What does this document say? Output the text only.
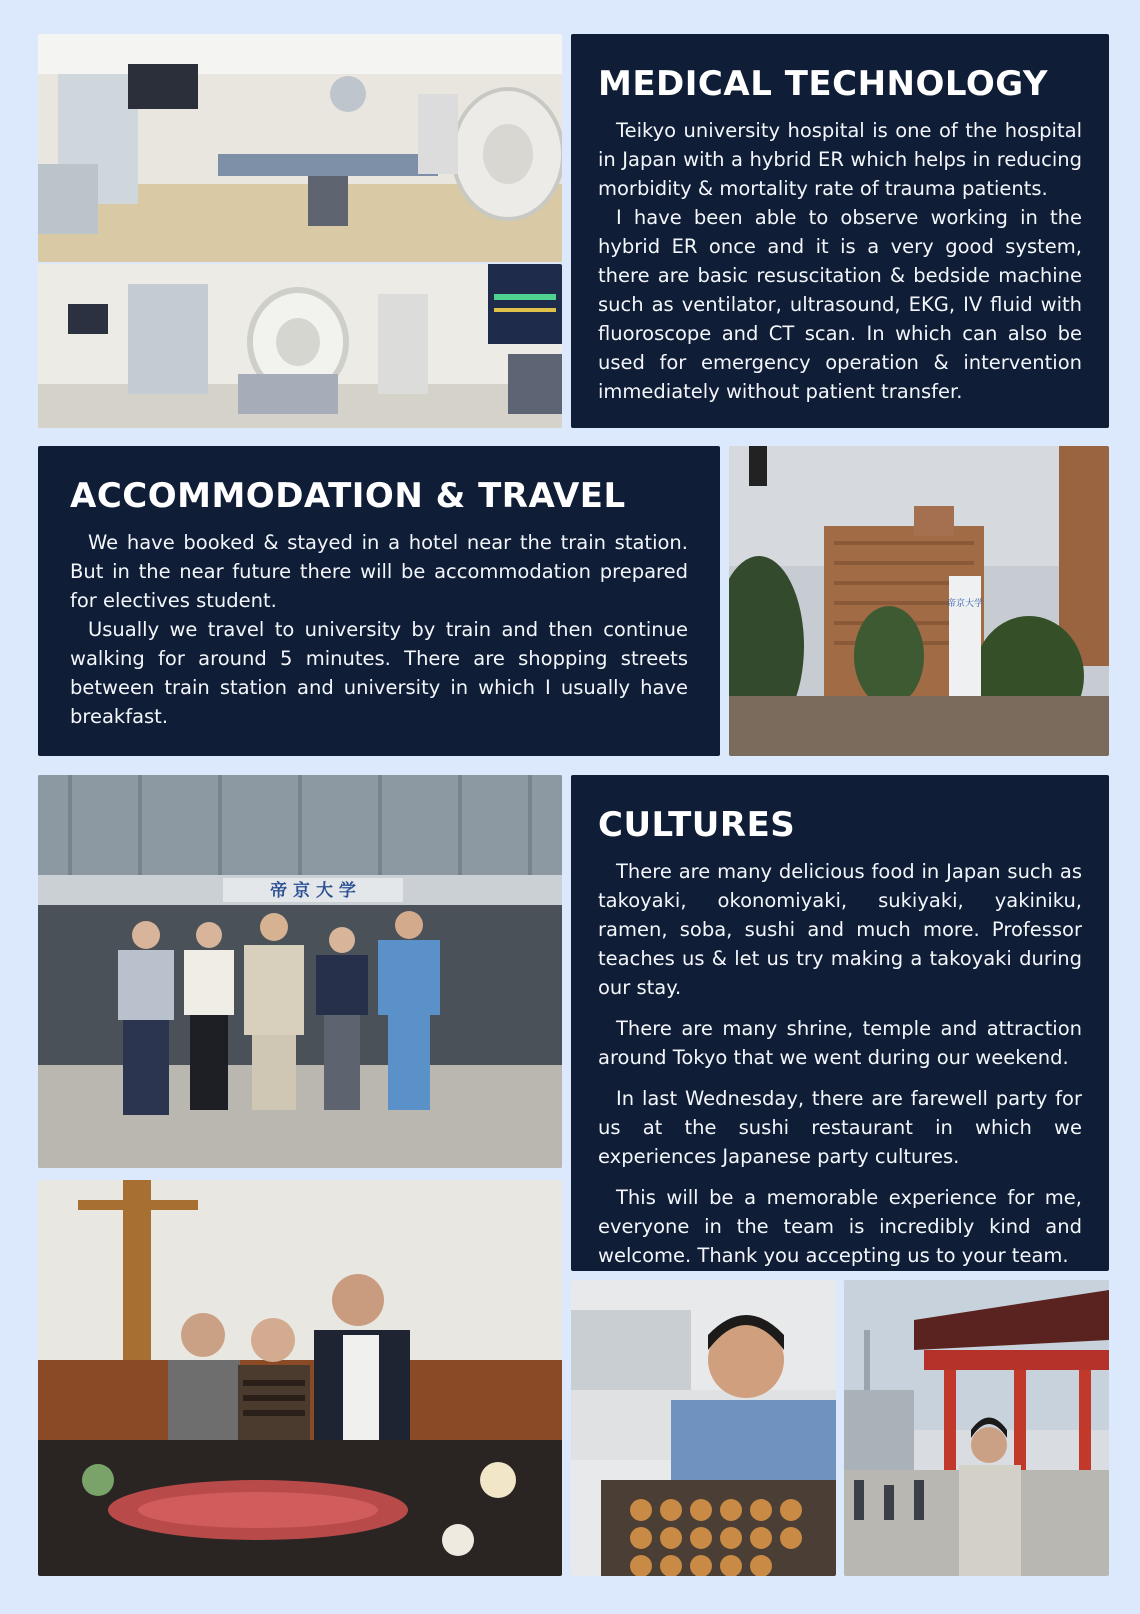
MEDICAL TECHNOLOGY

Teikyo university hospital is one of the hospital in Japan with a hybrid ER which helps in reducing morbidity & mortality rate of trauma patients.

I have been able to observe working in the hybrid ER once and it is a very good system, there are basic resuscitation & bedside machine such as ventilator, ultrasound, EKG, IV fluid with fluoroscope and CT scan. In which can also be used for emergency operation & intervention immediately without patient transfer.

ACCOMMODATION & TRAVEL

We have booked & stayed in a hotel near the train station. But in the near future there will be accommodation prepared for electives student.

Usually we travel to university by train and then continue walking for around 5 minutes. There are shopping streets between train station and university in which I usually have breakfast.

帝京大学
帝 京 大 学
CULTURES

There are many delicious food in Japan such as takoyaki, okonomiyaki, sukiyaki, yakiniku, ramen, soba, sushi and much more. Professor teaches us & let us try making a takoyaki during our stay.

There are many shrine, temple and attraction around Tokyo that we went during our weekend.

In last Wednesday, there are farewell party for us at the sushi restaurant in which we experiences Japanese party cultures.

This will be a memorable experience for me, everyone in the team is incredibly kind and welcome. Thank you accepting us to your team.
